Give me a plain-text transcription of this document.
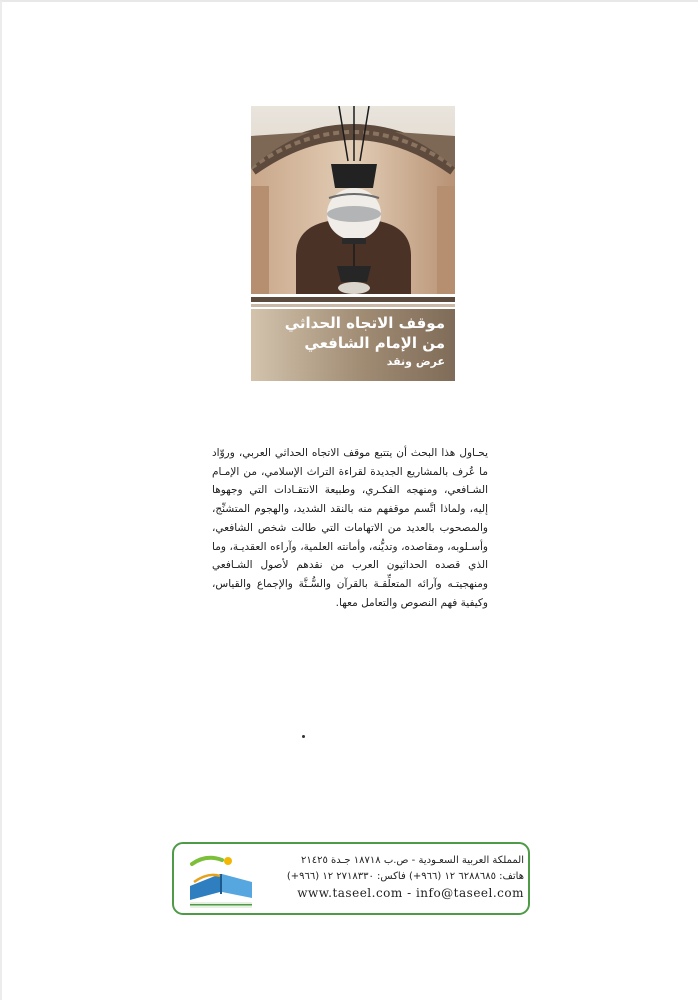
موقف الاتجاه الحداثي
من الإمام الشافعي
عرض ونقد

يحـاول هذا البحث أن يتتبع موقف الاتجاه الحداثي العربي، وروّاد ما عُرف بالمشاريع الجديدة لقراءة التراث الإسلامي، من الإمـام الشـافعي، ومنهجه الفكـري، وطبيعة الانتقـادات التي وجهوها إليه، ولماذا اتَّسم موقفهم منه بالنقد الشديد، والهجوم المتشنِّج، والمصحوب بالعديد من الاتهامات التي طالت شخص الشافعي، وأسـلوبه، ومقاصده، وتديُّنه، وأمانته العلمية، وآراءه العقديـة، وما الذي قصده الحداثيون العرب من نقدهم لأصول الشـافعي ومنهجيتـه وآرائه المتعلِّقـة بالقرآن والسُّـنَّة والإجماع والقياس، وكيفية فهم النصوص والتعامل معها.

المملكة العربية السعـودية - ص.ب ١٨٧١٨ جـدة ٢١٤٢٥
هاتف: ٦٢٨٨٦٨٥ ١٢ (٩٦٦+) فاكس: ٢٧١٨٣٣٠ ١٢ (٩٦٦+)
www.taseel.com - info@taseel.com
